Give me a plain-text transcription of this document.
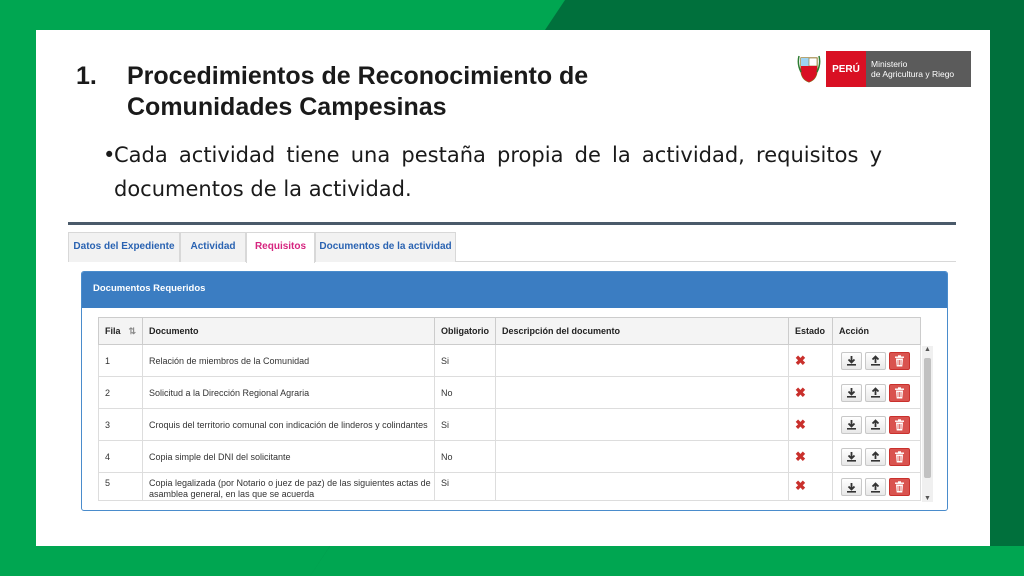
1. Procedimientos de Reconocimiento de Comunidades Campesinas
PERÚ	Ministerio
de Agricultura y Riego
•
Cada actividad tiene una pestaña propia de la actividad, requisitos y documentos de la actividad.
Datos del Expediente	Actividad	Requisitos	Documentos de la actividad
Documentos Requeridos
Fila ⇅	Documento	Obligatorio	Descripción del documento	Estado	Acción
1	Relación de miembros de la Comunidad	Si		✖	

2	Solicitud a la Dirección Regional Agraria	No		✖	

3	Croquis del territorio comunal con indicación de linderos y colindantes	Si		✖	

4	Copia simple del DNI del solicitante	No		✖	

5	Copia legalizada (por Notario o juez de paz) de las siguientes actas de asamblea general, en las que se acuerda	Si		✖	
▲
▼
